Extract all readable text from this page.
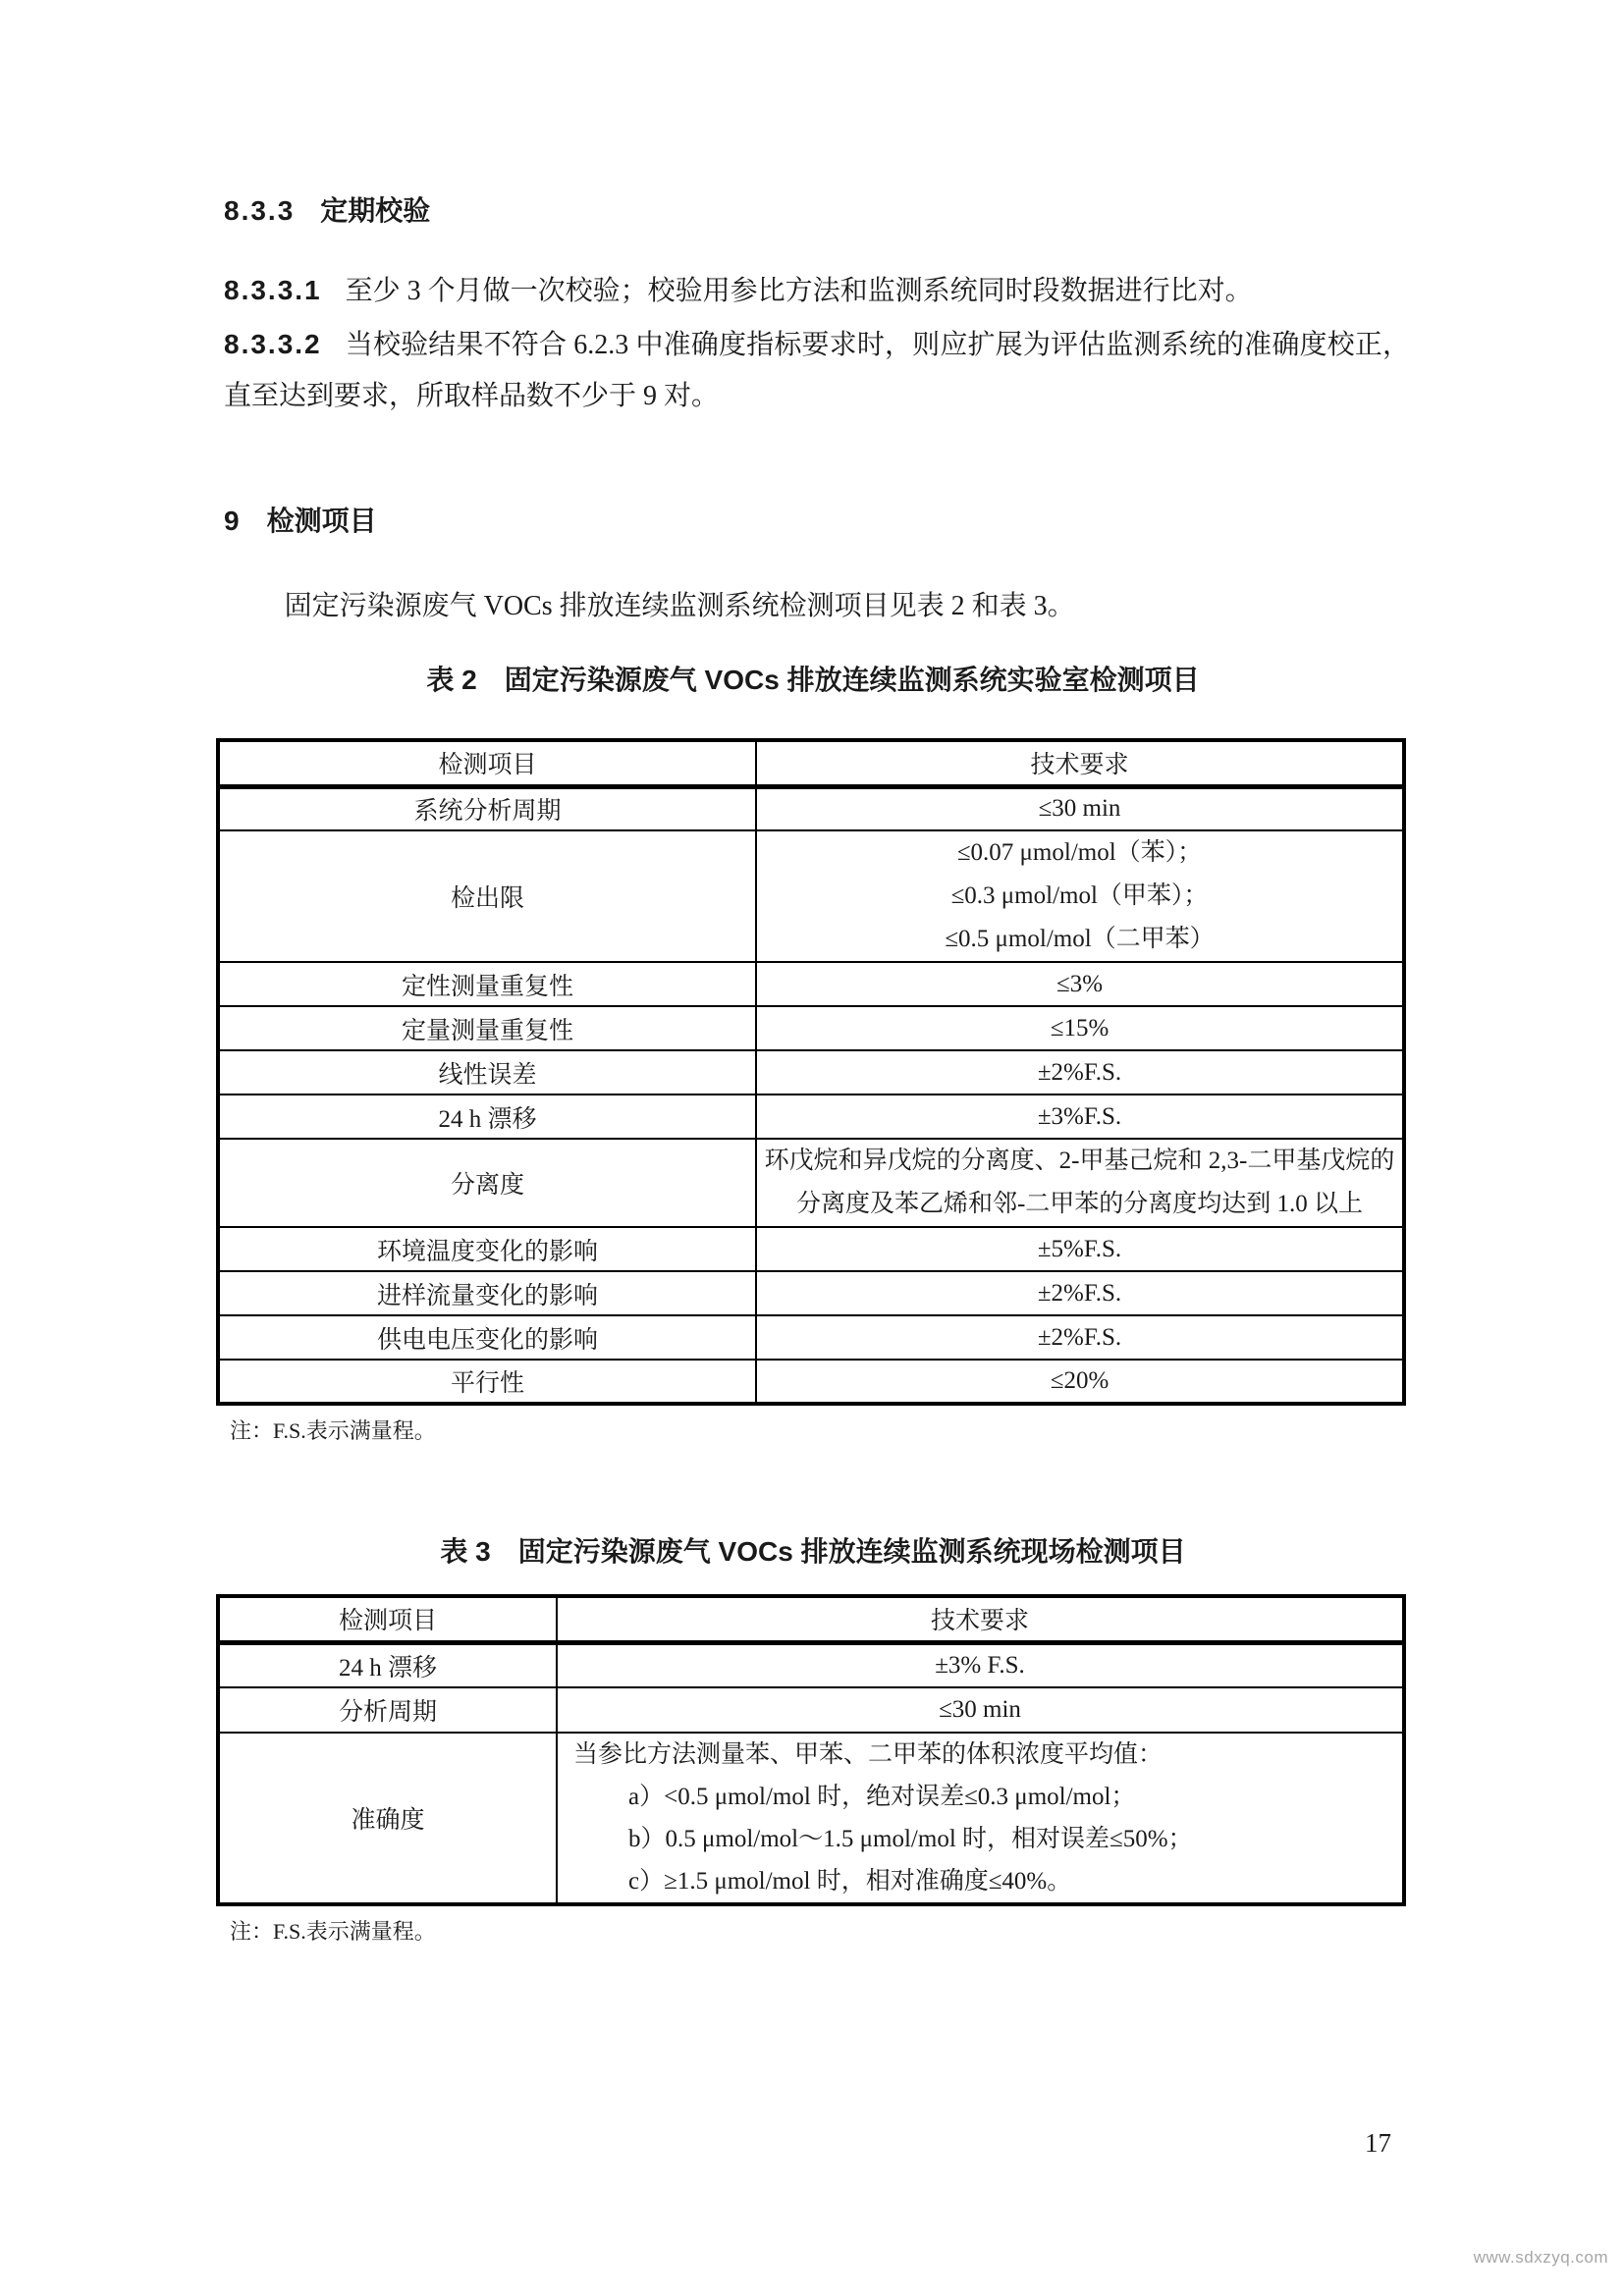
8.3.3 定期校验
8.3.3.1 至少 3 个月做一次校验；校验用参比方法和监测系统同时段数据进行比对。
8.3.3.2 当校验结果不符合 6.2.3 中准确度指标要求时，则应扩展为评估监测系统的准确度校正，直至达到要求，所取样品数不少于 9 对。
9 检测项目
固定污染源废气 VOCs 排放连续监测系统检测项目见表 2 和表 3。
表 2　固定污染源废气 VOCs 排放连续监测系统实验室检测项目
检测项目	技术要求
系统分析周期	≤30 min
检出限	≤0.07 μmol/mol（苯）；
≤0.3 μmol/mol（甲苯）；
≤0.5 μmol/mol（二甲苯）

定性测量重复性	≤3%
定量测量重复性	≤15%
线性误差	±2%F.S.
24 h 漂移	±3%F.S.
分离度	环戊烷和异戊烷的分离度、2-甲基己烷和 2,3-二甲基戊烷的
分离度及苯乙烯和邻-二甲苯的分离度均达到 1.0 以上

环境温度变化的影响	±5%F.S.
进样流量变化的影响	±2%F.S.
供电电压变化的影响	±2%F.S.
平行性	≤20%
注：F.S.表示满量程。
表 3　固定污染源废气 VOCs 排放连续监测系统现场检测项目
检测项目	技术要求
24 h 漂移	±3% F.S.
分析周期	≤30 min
准确度	当参比方法测量苯、甲苯、二甲苯的体积浓度平均值：
a）<0.5 μmol/mol 时，绝对误差≤0.3 μmol/mol；
b）0.5 μmol/mol～1.5 μmol/mol 时，相对误差≤50%；
c）≥1.5 μmol/mol 时，相对准确度≤40%。
注：F.S.表示满量程。
17
www.sdxzyq.com
